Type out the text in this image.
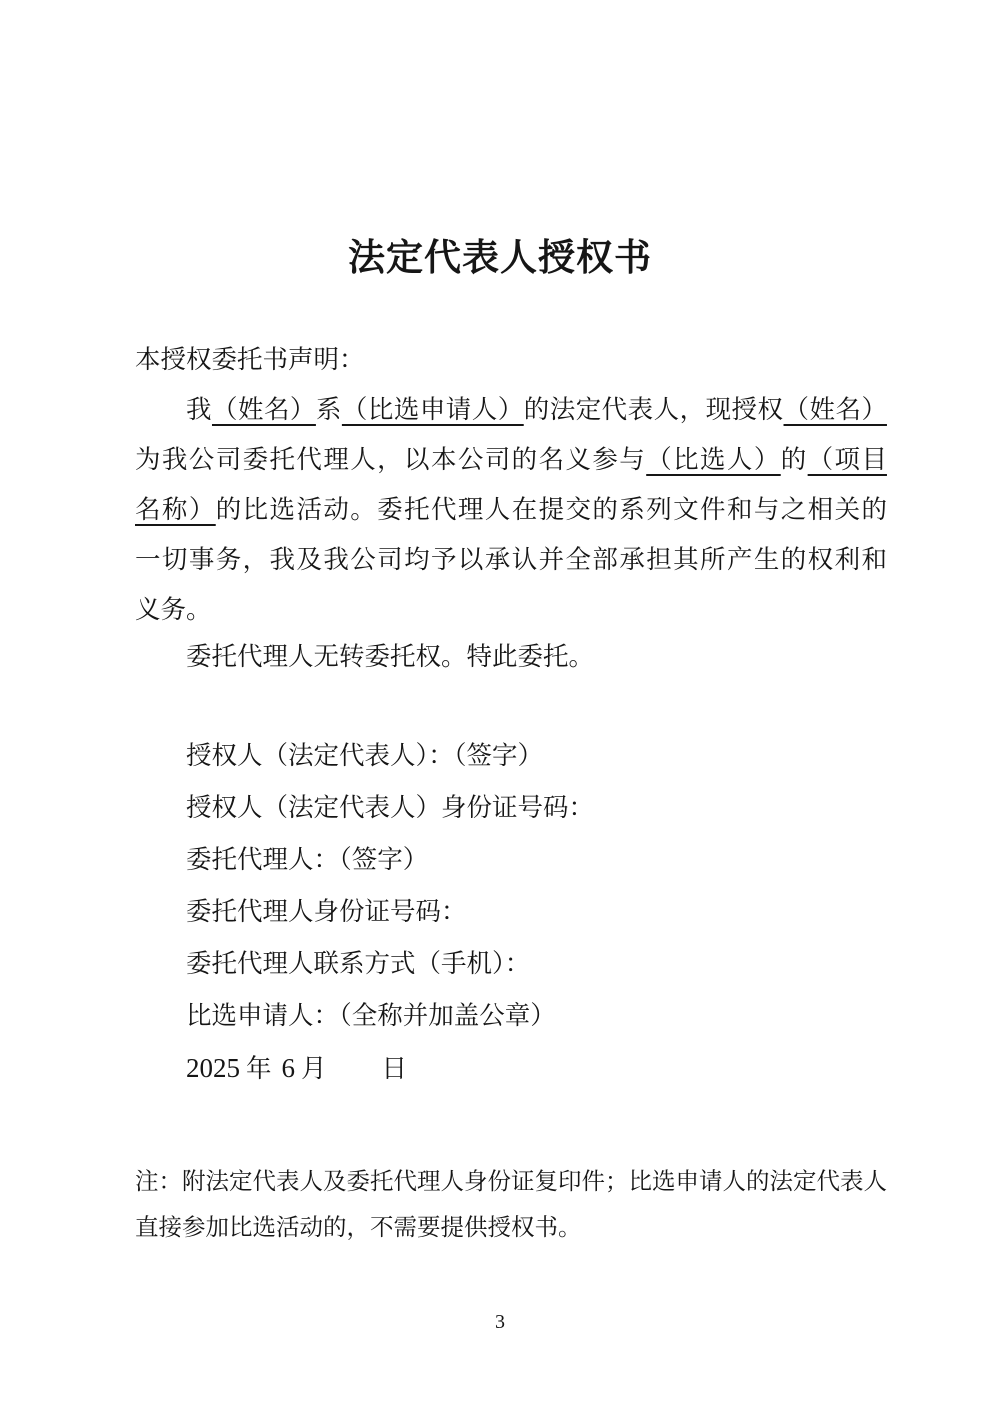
法定代表人授权书

本授权委托书声明：

我（姓名）系（比选申请人）的法定代表人，现授权（姓名）
为我公司委托代理人，以本公司的名义参与（比选人）的（项目
名称）的比选活动。委托代理人在提交的系列文件和与之相关的
一切事务，我及我公司均予以承认并全部承担其所产生的权利和
义务。

委托代理人无转委托权。特此委托。

授权人（法定代表人）：（签字）
授权人（法定代表人）身份证号码：
委托代理人：（签字）
委托代理人身份证号码：
委托代理人联系方式（手机）：
比选申请人：（全称并加盖公章）
2025 年 6 月 日
注：附法定代表人及委托代理人身份证复印件；比选申请人的法定代表人
直接参加比选活动的，不需要提供授权书。
3
